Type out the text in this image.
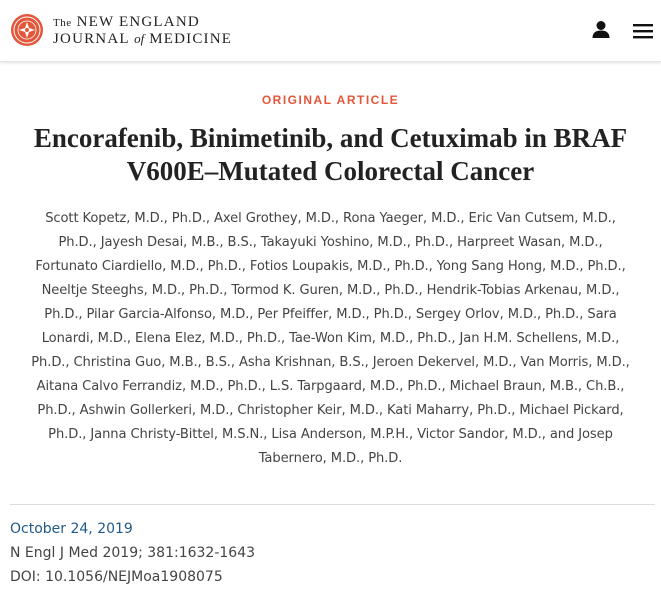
The NEW ENGLAND
JOURNAL of MEDICINE
ORIGINAL ARTICLE
Encorafenib, Binimetinib, and Cetuximab in BRAF
V600E–Mutated Colorectal Cancer

Scott Kopetz, M.D., Ph.D., Axel Grothey, M.D., Rona Yaeger, M.D., Eric Van Cutsem, M.D., Ph.D., Jayesh Desai, M.B., B.S., Takayuki Yoshino, M.D., Ph.D., Harpreet Wasan, M.D., Fortunato Ciardiello, M.D., Ph.D., Fotios Loupakis, M.D., Ph.D., Yong Sang Hong, M.D., Ph.D., Neeltje Steeghs, M.D., Ph.D., Tormod K. Guren, M.D., Ph.D., Hendrik-Tobias Arkenau, M.D., Ph.D., Pilar Garcia-Alfonso, M.D., Per Pfeiffer, M.D., Ph.D., Sergey Orlov, M.D., Ph.D., Sara Lonardi, M.D., Elena Elez, M.D., Ph.D., Tae-Won Kim, M.D., Ph.D., Jan H.M. Schellens, M.D., Ph.D., Christina Guo, M.B., B.S., Asha Krishnan, B.S., Jeroen Dekervel, M.D., Van Morris, M.D., Aitana Calvo Ferrandiz, M.D., Ph.D., L.S. Tarpgaard, M.D., Ph.D., Michael Braun, M.B., Ch.B., Ph.D., Ashwin Gollerkeri, M.D., Christopher Keir, M.D., Kati Maharry, Ph.D., Michael Pickard, Ph.D., Janna Christy-Bittel, M.S.N., Lisa Anderson, M.P.H., Victor Sandor, M.D., and Josep Tabernero, M.D., Ph.D.

October 24, 2019
N Engl J Med 2019; 381:1632-1643
DOI: 10.1056/NEJMoa1908075
